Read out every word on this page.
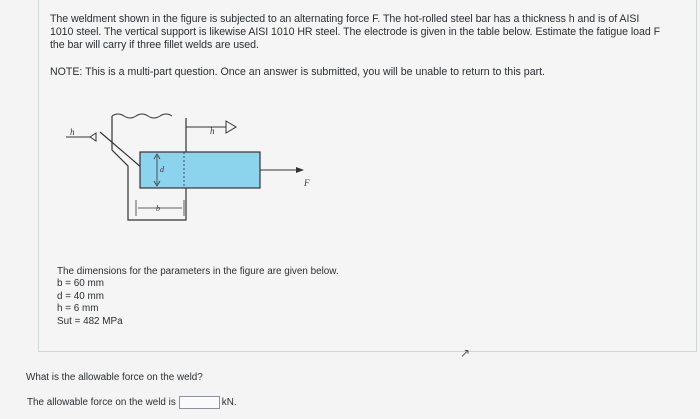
The weldment shown in the figure is subjected to an alternating force F. The hot-rolled steel bar has a thickness h and is of AISI 1010 steel. The vertical support is likewise AISI 1010 HR steel. The electrode is given in the table below. Estimate the fatigue load F the bar will carry if three fillet welds are used.
NOTE: This is a multi-part question. Once an answer is submitted, you will be unable to return to this part.
h	h
d
b
F
The dimensions for the parameters in the figure are given below.
b = 60 mm
d = 40 mm
h = 6 mm
Sut = 482 MPa
What is the allowable force on the weld?
The allowable force on the weld is	kN.
↗
